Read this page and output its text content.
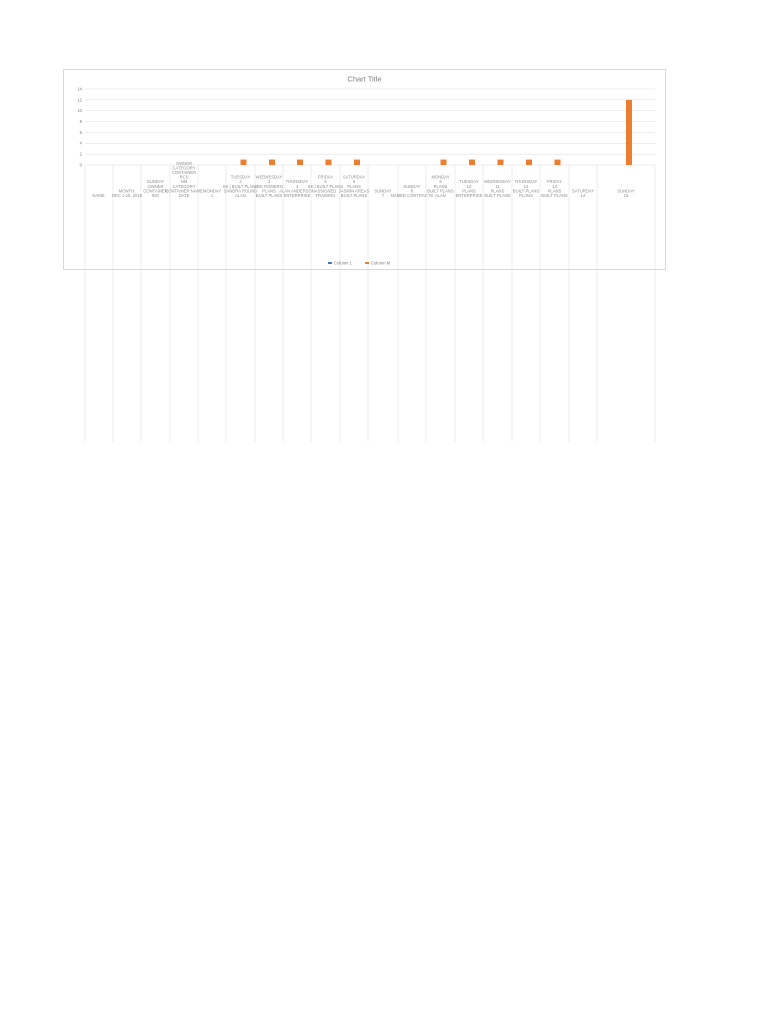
Chart Title
0
2
4
6
8
10
12
14
NAME:
MONTH:
DEC 1-15, 2019
SUNDAY
OWNER
CONTAINER
ING
OWNER
CATEGORY
CONTAINER
RCS
NM
CATEGORY
CONTAINER NAME
DATE
MONDAY
1
TUESDAY
2
SK | BUILT PLANS
SANDRA ROUND
ALAN
WEDNESDAY
3
LEE ROMERO
PLANS
BUILT PLANS
THURSDAY
4
ALAN ANDERSON
ENTERPRISE
FRIDAY
5
SK | BUILT PLANS
ASSIGNED
TRAINING
SATURDAY
6
PLANS
JASMIN AREAS
BUILT PLANS
SUNDAY
7
SUNDAY
8
NAMED CONTRACTS
MONDAY
9
PLANS
BUILT PLANS
ALAN
TUESDAY
10
PLANS
ENTERPRISE
WEDNESDAY
11
PLANS
BUILT PLANS
THURSDAY
12
BUILT PLANS
PLANS
FRIDAY
13
PLANS
BUILT PLANS
SATURDAY
14
SUNDAY
15
Column 1	Column M
